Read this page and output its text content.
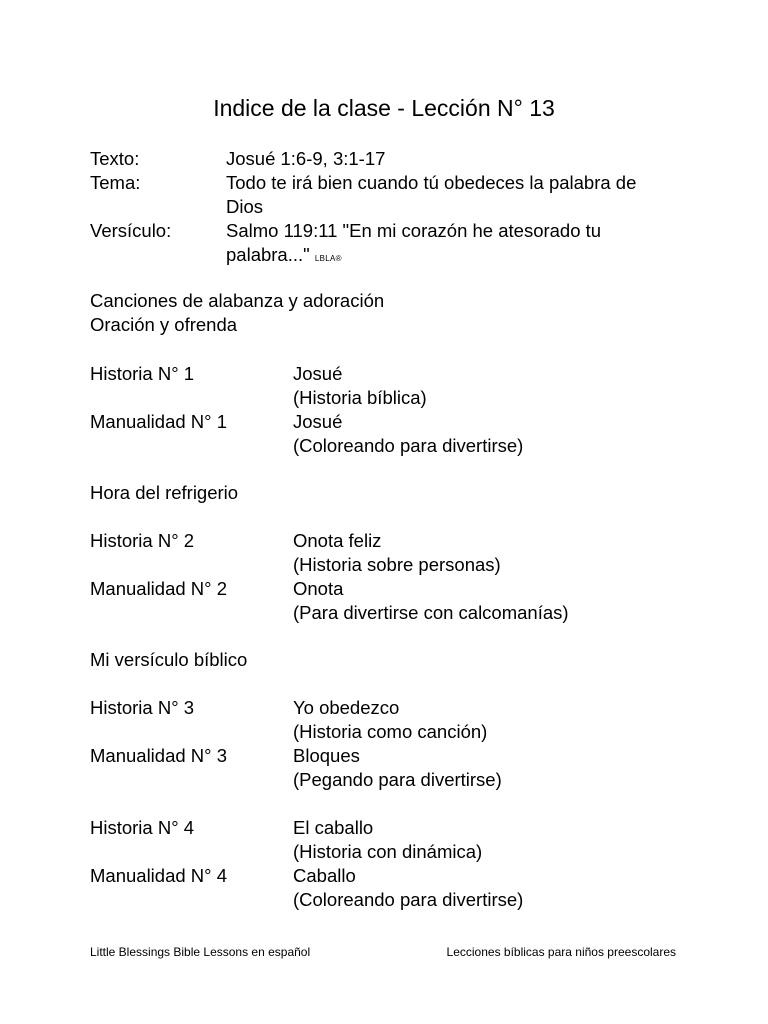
Indice de la clase - Lección N° 13
Texto:	Josué 1:6-9, 3:1-17
Tema:	Todo te irá bien cuando tú obedeces la palabra de
Dios
Versículo:	Salmo 119:11 "En mi corazón he atesorado tu
palabra..." LBLA®
Canciones de alabanza y adoración
Oración y ofrenda
Historia N° 1	Josué
(Historia bíblica)
Manualidad N° 1	Josué
(Coloreando para divertirse)
Hora del refrigerio
Historia N° 2	Onota feliz
(Historia sobre personas)
Manualidad N° 2	Onota
(Para divertirse con calcomanías)
Mi versículo bíblico
Historia N° 3	Yo obedezco
(Historia como canción)
Manualidad N° 3	Bloques
(Pegando para divertirse)
Historia N° 4	El caballo
(Historia con dinámica)
Manualidad N° 4	Caballo
(Coloreando para divertirse)
Little Blessings Bible Lessons en español	Lecciones bíblicas para niños preescolares
